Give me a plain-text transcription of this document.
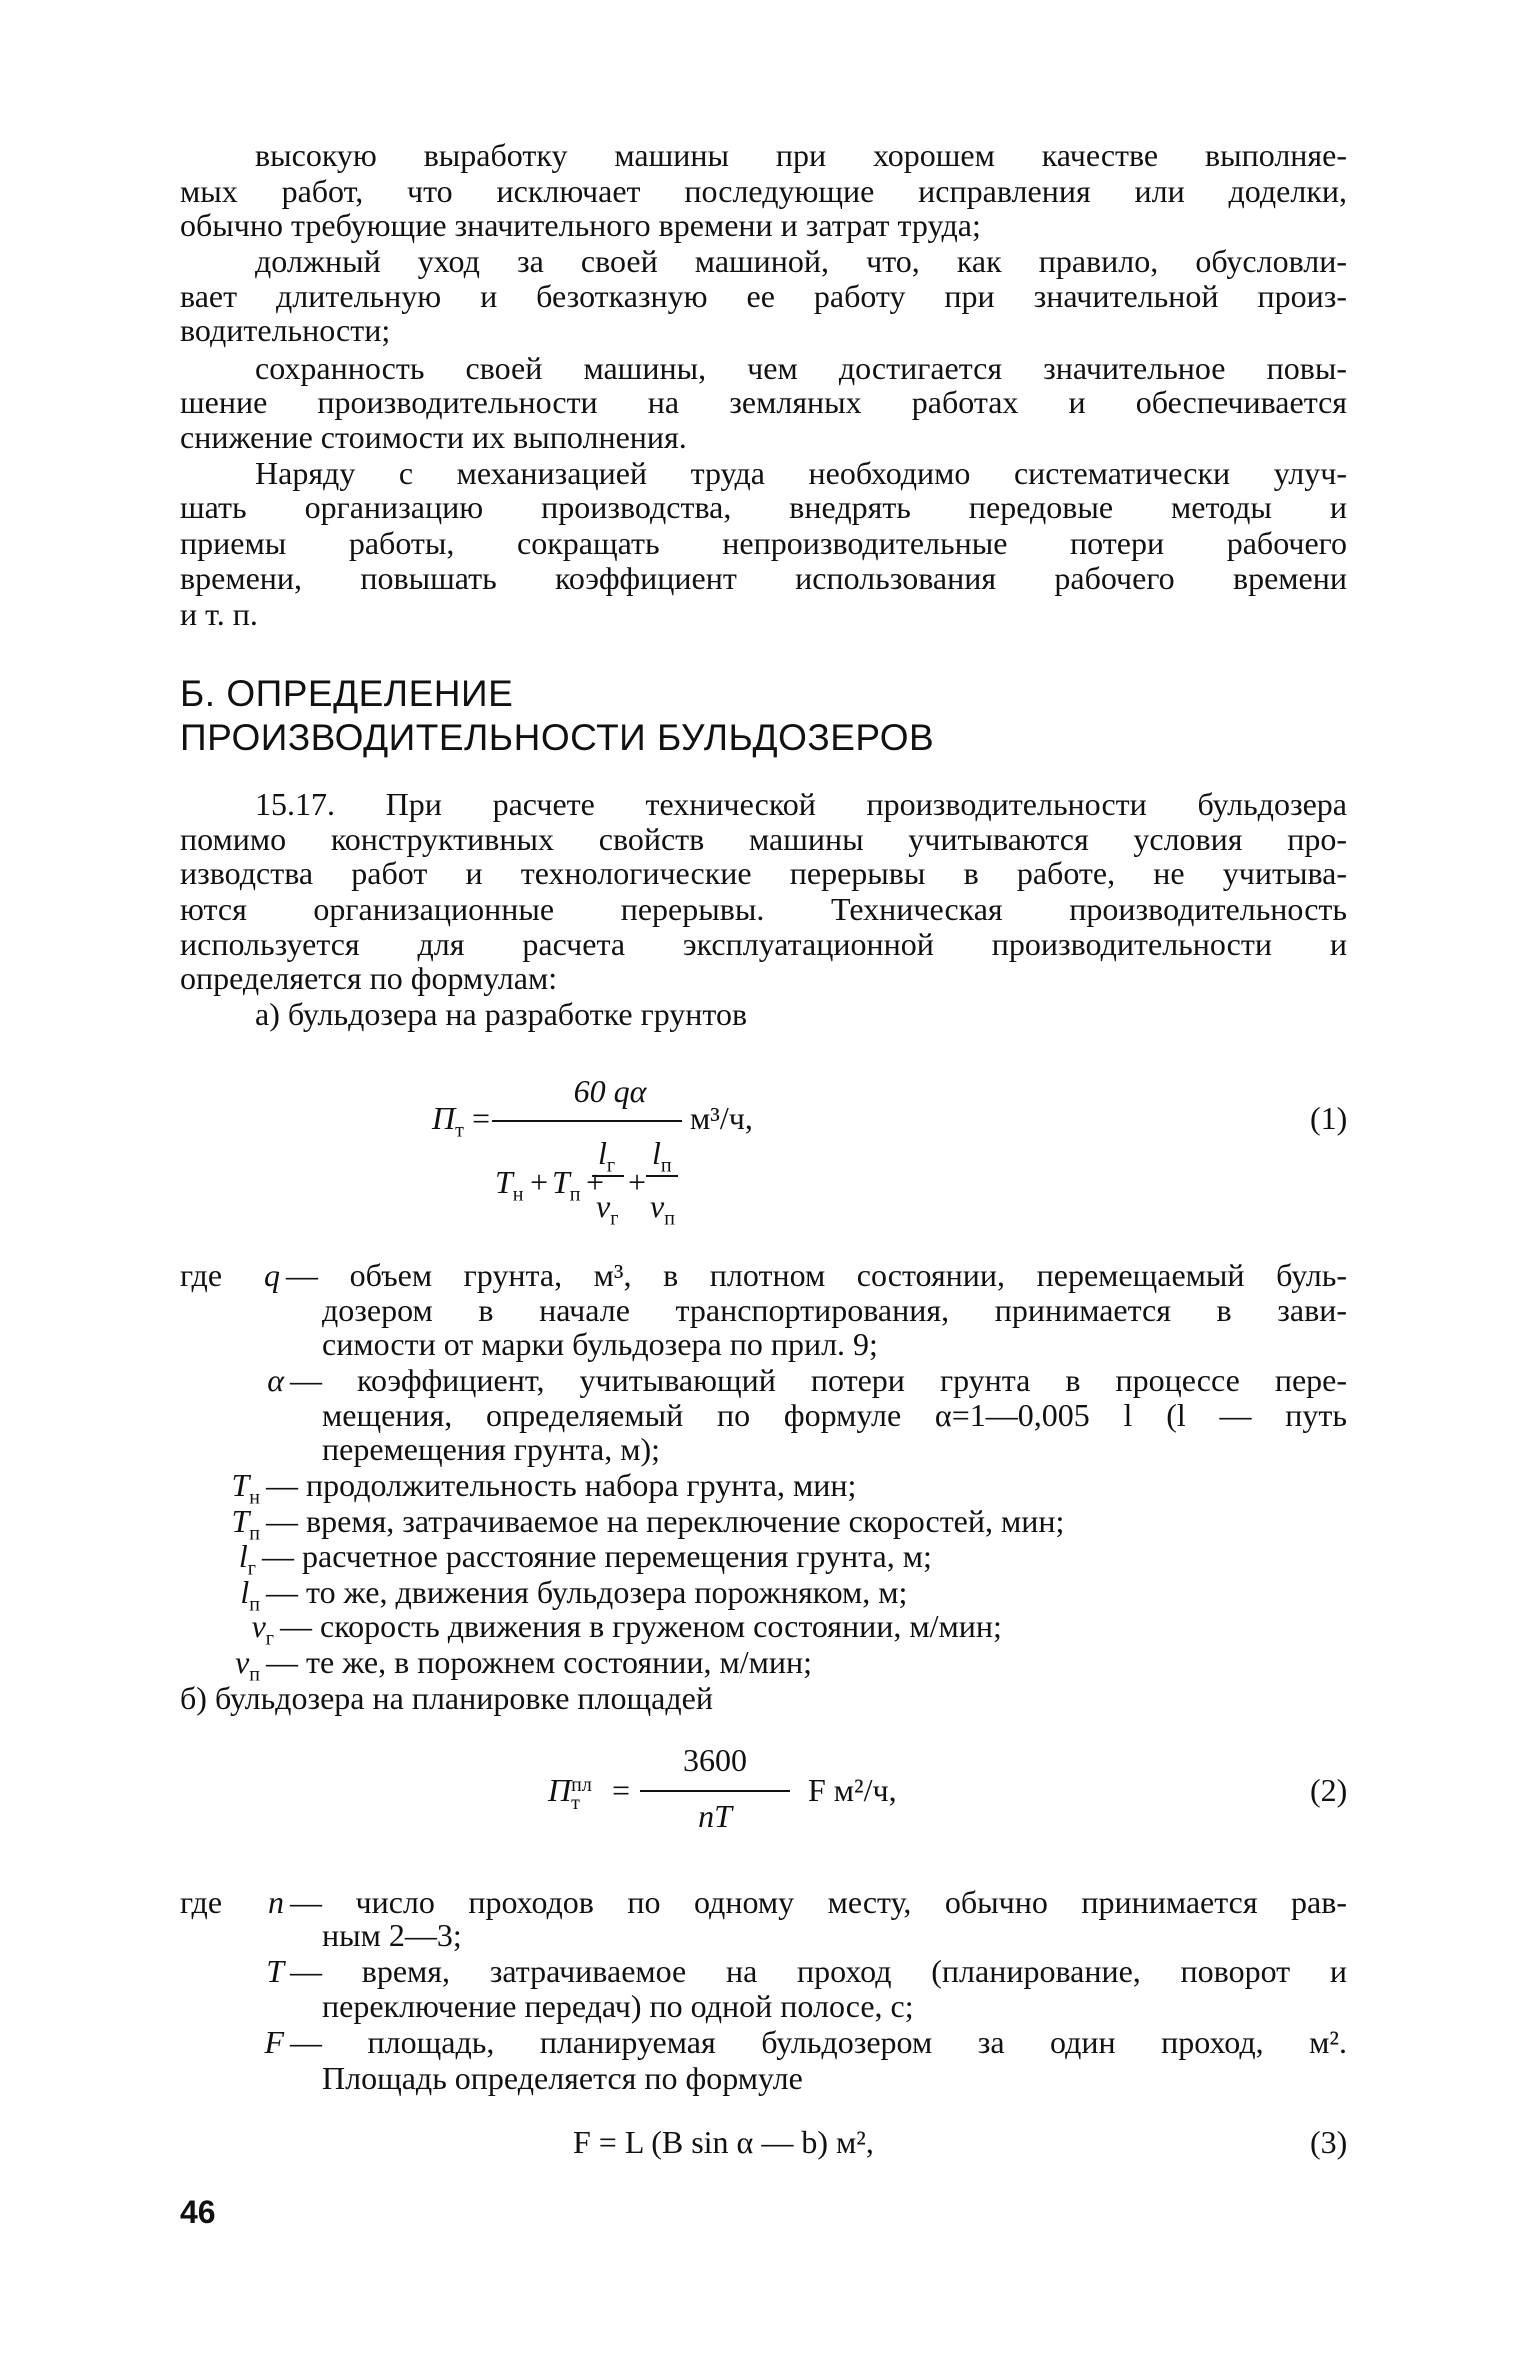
Б. ОПРЕДЕЛЕНИЕ
ПРОИЗВОДИТЕЛЬНОСТИ БУЛЬДОЗЕРОВ
$П_т$ =
60 qα
$T_н + T_п$ +
$l_г$
$v_г$
+
$l_п$
$v_п$
м³/ч,	(1)
П пл
т	=
3600
nT
F м²/ч,	(2)
F = L (B sin α — b) м²,	(3)
46
высокую выработку машины при хорошем качестве выполняе-
мых работ, что исключает последующие исправления или доделки,
обычно требующие значительного времени и затрат труда;
должный уход за своей машиной, что, как правило, обусловли-
вает длительную и безотказную ее работу при значительной произ-
водительности;
сохранность своей машины, чем достигается значительное повы-
шение производительности на земляных работах и обеспечивается
снижение стоимости их выполнения.
Наряду с механизацией труда необходимо систематически улуч-
шать организацию производства, внедрять передовые методы и
приемы работы, сокращать непроизводительные потери рабочего
времени, повышать коэффициент использования рабочего времени
и т. п.
15.17. При расчете технической производительности бульдозера
помимо конструктивных свойств машины учитываются условия про-
изводства работ и технологические перерывы в работе, не учитыва-
ются организационные перерывы. Техническая производительность
используется для расчета эксплуатационной производительности и
определяется по формулам:
а) бульдозера на разработке грунтов
где	q — объем грунта, м³, в плотном состоянии, перемещаемый буль-
дозером в начале транспортирования, принимается в зави-
симости от марки бульдозера по прил. 9;
α — коэффициент, учитывающий потери грунта в процессе пере-
мещения, определяемый по формуле α=1—0,005 l (l — путь
перемещения грунта, м);
$T_н$ — продолжительность набора грунта, мин;
$T_п$ — время, затрачиваемое на переключение скоростей, мин;
$l_г$ — расчетное расстояние перемещения грунта, м;
$l_п$ — то же, движения бульдозера порожняком, м;
$v_г$ — скорость движения в груженом состоянии, м/мин;
$v_п$ — те же, в порожнем состоянии, м/мин;
б) бульдозера на планировке площадей
где	n — число проходов по одному месту, обычно принимается рав-
ным 2—3;
T — время, затрачиваемое на проход (планирование, поворот и
переключение передач) по одной полосе, с;
F — площадь, планируемая бульдозером за один проход, м².
Площадь определяется по формуле
